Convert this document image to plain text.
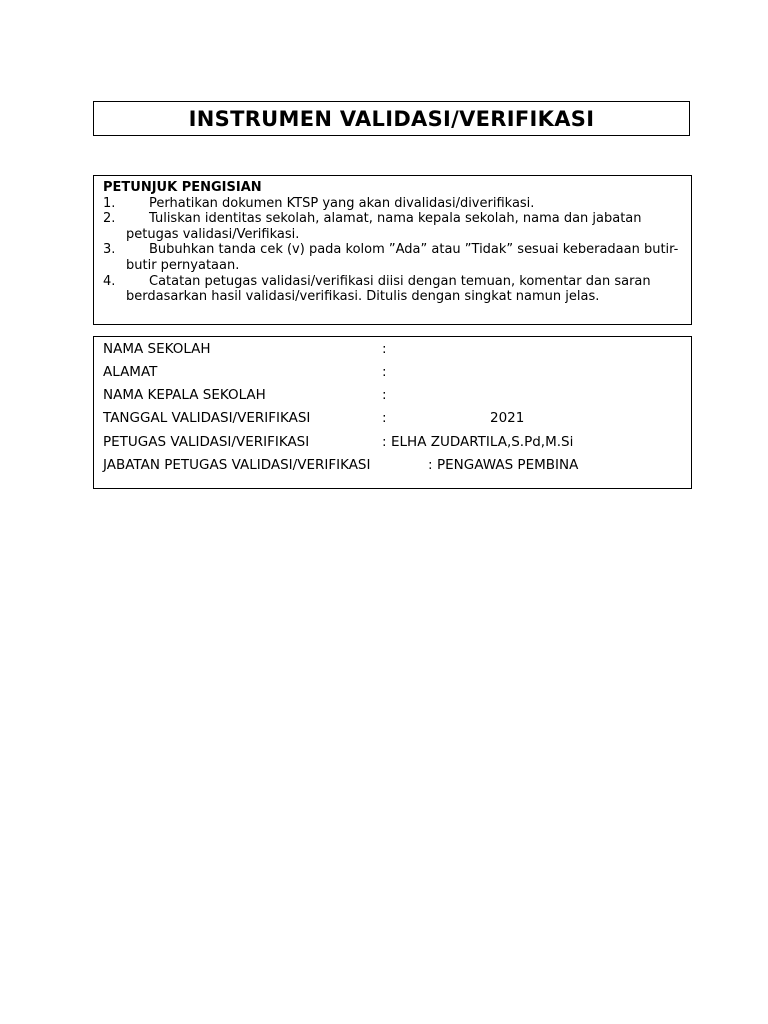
INSTRUMEN VALIDASI/VERIFIKASI
PETUNJUK PENGISIAN
1.	Perhatikan dokumen KTSP yang akan divalidasi/diverifikasi.
2.	Tuliskan identitas sekolah, alamat, nama kepala sekolah, nama dan jabatan petugas validasi/Verifikasi.
3.	Bubuhkan tanda cek (v) pada kolom ”Ada” atau ”Tidak” sesuai keberadaan butir-butir pernyataan.
4.	Catatan petugas validasi/verifikasi diisi dengan temuan, komentar dan saran berdasarkan hasil validasi/verifikasi. Ditulis dengan singkat namun jelas.
NAMA SEKOLAH	:
ALAMAT	:
NAMA KEPALA SEKOLAH	:
TANGGAL VALIDASI/VERIFIKASI	:	2021
PETUGAS VALIDASI/VERIFIKASI	: ELHA ZUDARTILA,S.Pd,M.Si
JABATAN PETUGAS VALIDASI/VERIFIKASI	: PENGAWAS PEMBINA
